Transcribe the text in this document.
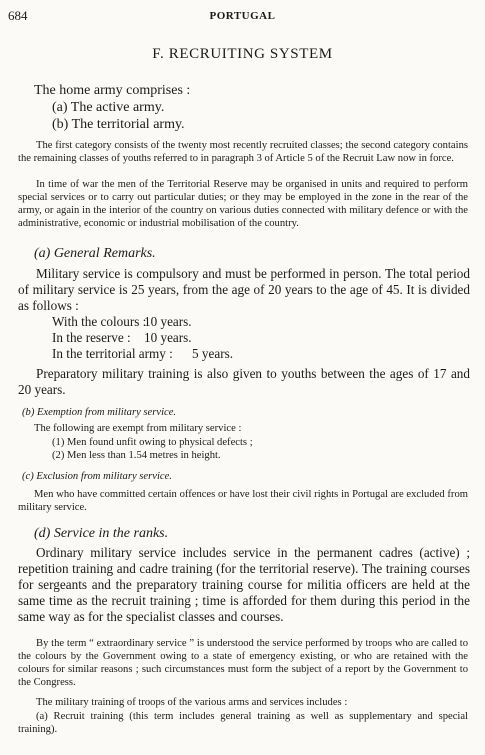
684	PORTUGAL
F. RECRUITING SYSTEM
The home army comprises :
(a) The active army.
(b) The territorial army.

The first category consists of the twenty most recently recruited classes; the second category contains the remaining classes of youths referred to in paragraph 3 of Article 5 of the Recruit Law now in force.

In time of war the men of the Territorial Reserve may be organised in units and required to perform special services or to carry out particular duties; or they may be employed in the zone in the rear of the army, or again in the interior of the country on various duties connected with military defence or with the administrative, economic or industrial mobilisation of the country.

(a) General Remarks.

Military service is compulsory and must be performed in person. The total period of military service is 25 years, from the age of 20 years to the age of 45. It is divided as follows :

With the colours :10 years.
In the reserve : 10 years.
In the territorial army : 5 years.

Preparatory military training is also given to youths between the ages of 17 and 20 years.

(b) Exemption from military service.
The following are exempt from military service :
(1) Men found unfit owing to physical defects ;
(2) Men less than 1.54 metres in height.
(c) Exclusion from military service.

Men who have committed certain offences or have lost their civil rights in Portugal are excluded from military service.

(d) Service in the ranks.

Ordinary military service includes service in the permanent cadres (active) ; repetition training and cadre training (for the territorial reserve). The training courses for sergeants and the preparatory training course for militia officers are held at the same time as the recruit training ; time is afforded for them during this period in the same way as for the specialist classes and courses.

By the term “ extraordinary service ” is understood the service performed by troops who are called to the colours by the Government owing to a state of emergency existing, or who are retained with the colours for similar reasons ; such circumstances must form the subject of a report by the Government to the Congress.

The military training of troops of the various arms and services includes :

(a) Recruit training (this term includes general training as well as supplementary and special training).
